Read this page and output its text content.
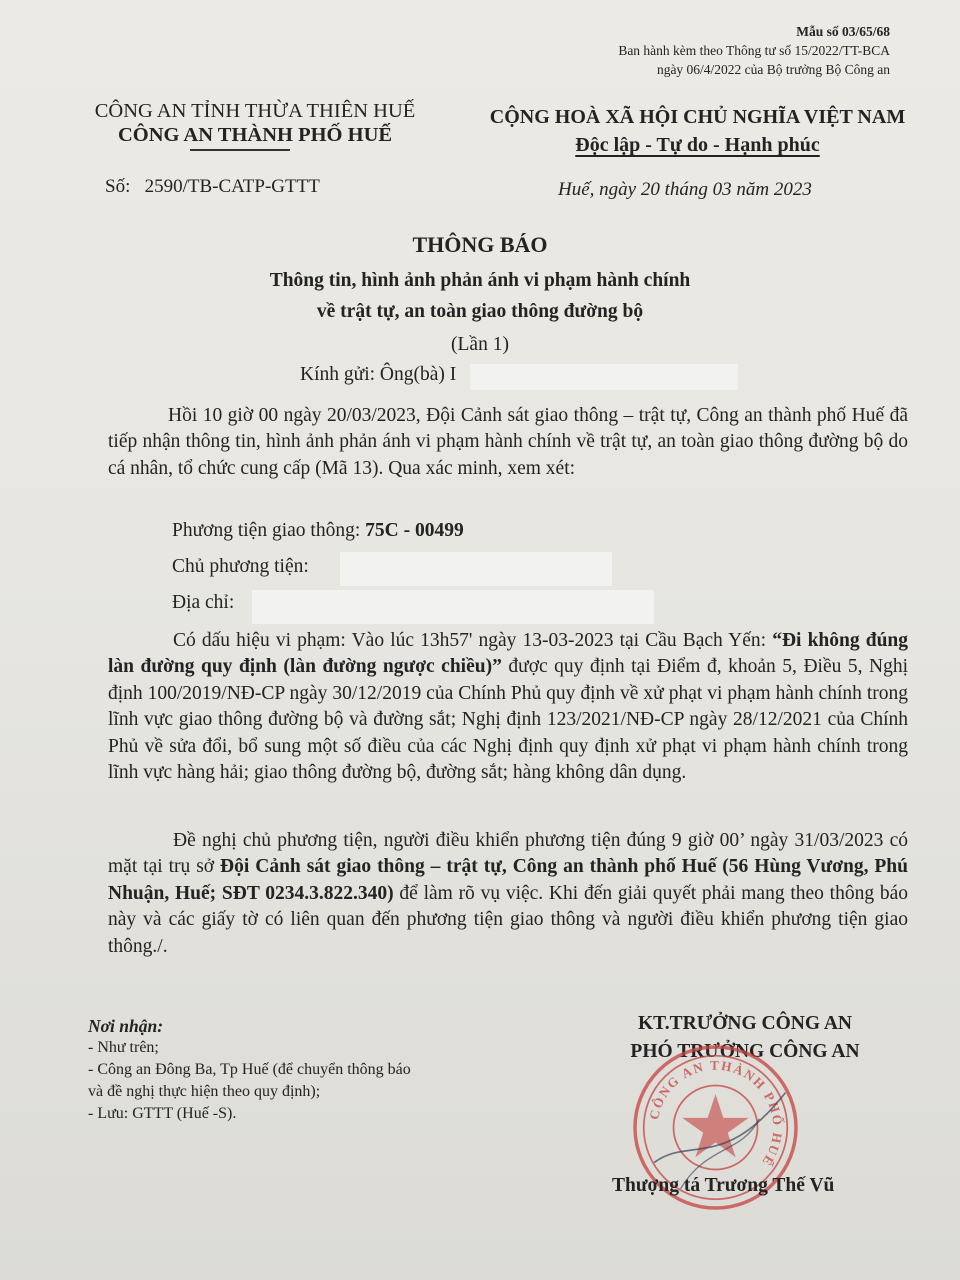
Mẫu số 03/65/68
Ban hành kèm theo Thông tư số 15/2022/TT-BCA
ngày 06/4/2022 của Bộ trưởng Bộ Công an
CÔNG AN TỈNH THỪA THIÊN HUẾ
CÔNG AN THÀNH PHỐ HUẾ
CỘNG HOÀ XÃ HỘI CHỦ NGHĨA VIỆT NAM
Độc lập - Tự do - Hạnh phúc
Số: 2590/TB-CATP-GTTT	Huế, ngày 20 tháng 03 năm 2023
THÔNG BÁO
Thông tin, hình ảnh phản ánh vi phạm hành chính
về trật tự, an toàn giao thông đường bộ
(Lần 1)
Kính gửi: Ông(bà) I
Hồi 10 giờ 00 ngày 20/03/2023, Đội Cảnh sát giao thông – trật tự, Công an thành phố Huế đã tiếp nhận thông tin, hình ảnh phản ánh vi phạm hành chính về trật tự, an toàn giao thông đường bộ do cá nhân, tổ chức cung cấp (Mã 13). Qua xác minh, xem xét:
Phương tiện giao thông: 75C - 00499
Chủ phương tiện:
Địa chỉ:
Có dấu hiệu vi phạm: Vào lúc 13h57' ngày 13-03-2023 tại Cầu Bạch Yến: “Đi không đúng làn đường quy định (làn đường ngược chiều)” được quy định tại Điểm đ, khoản 5, Điều 5, Nghị định 100/2019/NĐ-CP ngày 30/12/2019 của Chính Phủ quy định về xử phạt vi phạm hành chính trong lĩnh vực giao thông đường bộ và đường sắt; Nghị định 123/2021/NĐ-CP ngày 28/12/2021 của Chính Phủ về sửa đổi, bổ sung một số điều của các Nghị định quy định xử phạt vi phạm hành chính trong lĩnh vực hàng hải; giao thông đường bộ, đường sắt; hàng không dân dụng.
Đề nghị chủ phương tiện, người điều khiển phương tiện đúng 9 giờ 00’ ngày 31/03/2023 có mặt tại trụ sở Đội Cảnh sát giao thông – trật tự, Công an thành phố Huế (56 Hùng Vương, Phú Nhuận, Huế; SĐT 0234.3.822.340) để làm rõ vụ việc. Khi đến giải quyết phải mang theo thông báo này và các giấy tờ có liên quan đến phương tiện giao thông và người điều khiển phương tiện giao thông./.
Nơi nhận:
- Như trên;
- Công an Đông Ba, Tp Huế (để chuyển thông báo
và đề nghị thực hiện theo quy định);
- Lưu: GTTT (Huế -S).
KT.TRƯỞNG CÔNG AN
PHÓ TRƯỞNG CÔNG AN
CÔNG AN THÀNH PHỐ HUẾ
Thượng tá Trương Thế Vũ
